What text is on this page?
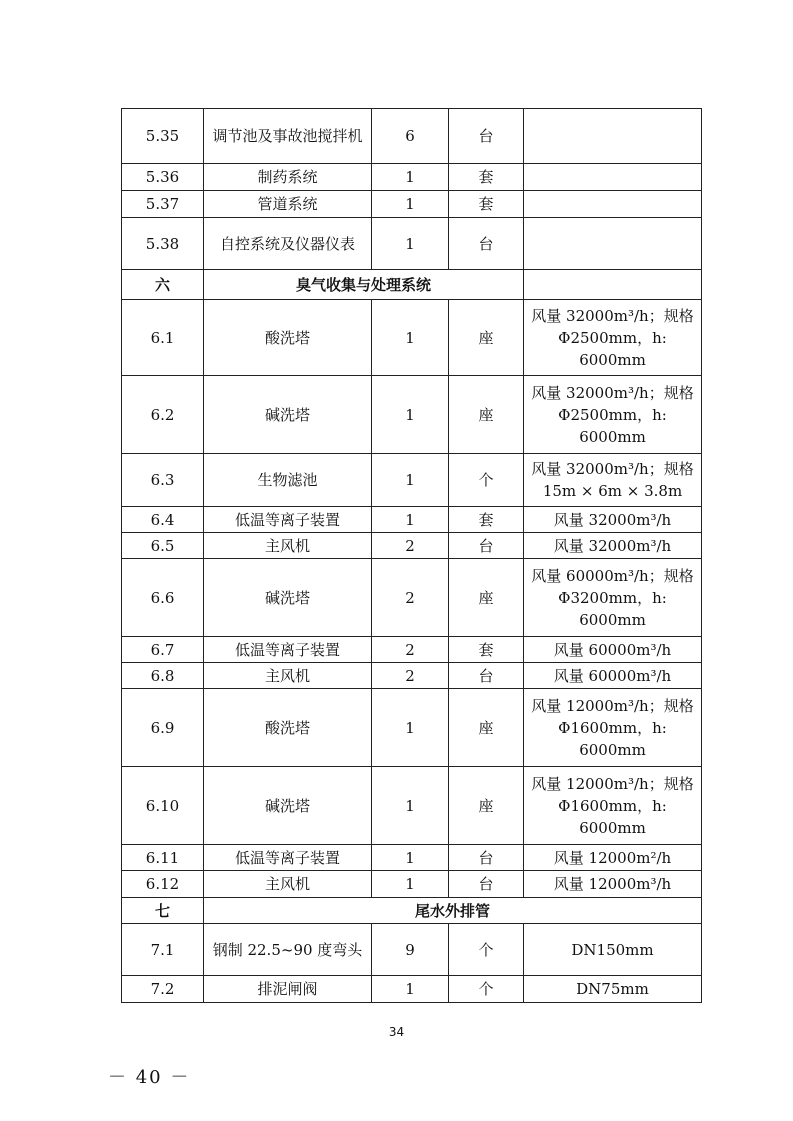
5.35	调节池及事故池搅拌机	6	台	
5.36	制药系统	1	套	
5.37	管道系统	1	套	
5.38	自控系统及仪器仪表	1	台	
六	臭气收集与处理系统			
6.1	酸洗塔	1	座	风量 32000m³/h；规格Φ2500mm，h: 6000mm
6.2	碱洗塔	1	座	风量 32000m³/h；规格Φ2500mm，h: 6000mm
6.3	生物滤池	1	个	风量 32000m³/h；规格 15m × 6m × 3.8m
6.4	低温等离子装置	1	套	风量 32000m³/h
6.5	主风机	2	台	风量 32000m³/h
6.6	碱洗塔	2	座	风量 60000m³/h；规格Φ3200mm，h: 6000mm
6.7	低温等离子装置	2	套	风量 60000m³/h
6.8	主风机	2	台	风量 60000m³/h
6.9	酸洗塔	1	座	风量 12000m³/h；规格Φ1600mm，h: 6000mm
6.10	碱洗塔	1	座	风量 12000m³/h；规格Φ1600mm，h: 6000mm
6.11	低温等离子装置	1	台	风量 12000m²/h
6.12	主风机	1	台	风量 12000m³/h
七	尾水外排管			
7.1	钢制 22.5~90 度弯头	9	个	DN150mm
7.2	排泥闸阀	1	个	DN75mm
34
－ 40 －
